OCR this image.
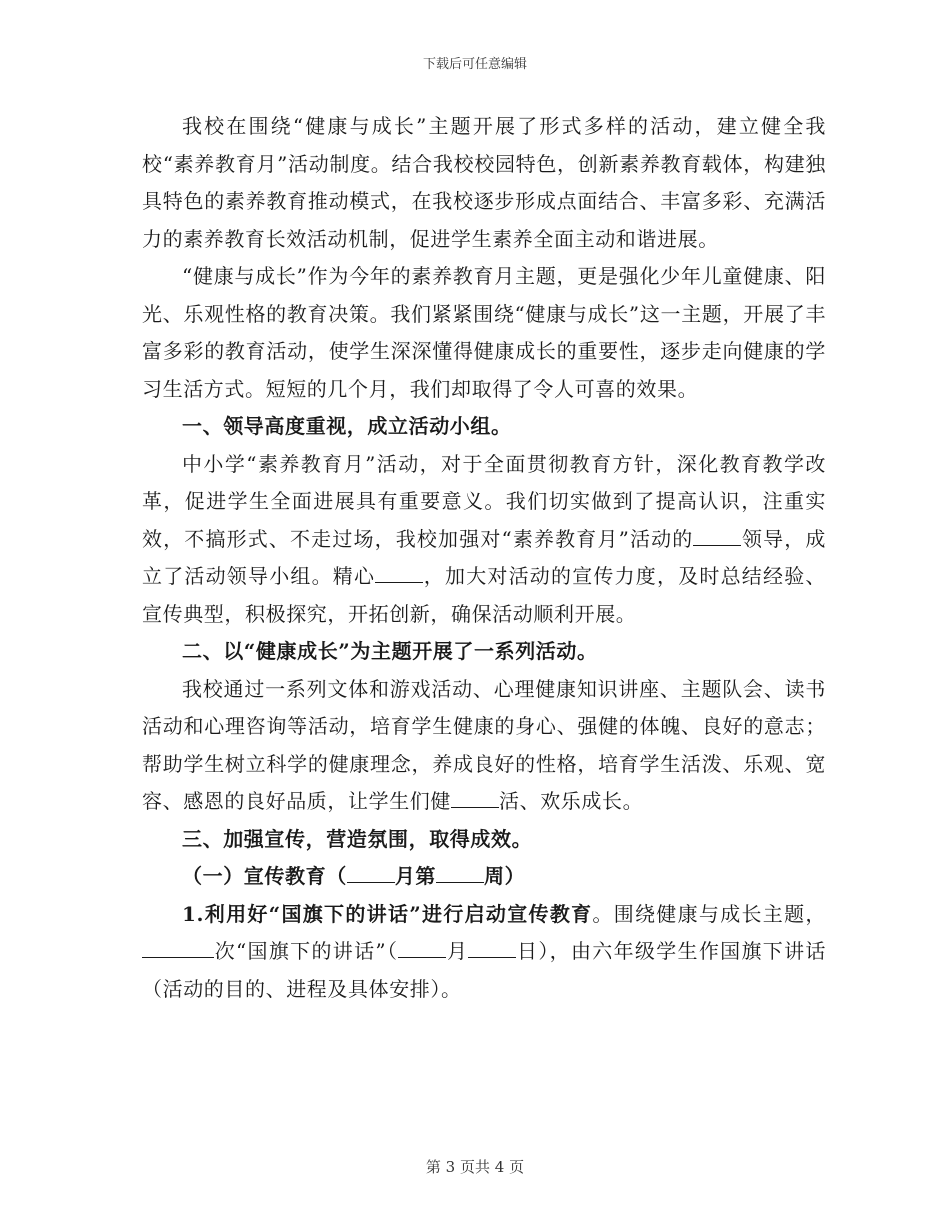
下载后可任意编辑

我校在围绕“健康与成长”主题开展了形式多样的活动，建立健全我校“素养教育月”活动制度。结合我校校园特色，创新素养教育载体，构建独具特色的素养教育推动模式，在我校逐步形成点面结合、丰富多彩、充满活力的素养教育长效活动机制，促进学生素养全面主动和谐进展。

“健康与成长”作为今年的素养教育月主题，更是强化少年儿童健康、阳光、乐观性格的教育决策。我们紧紧围绕“健康与成长”这一主题，开展了丰富多彩的教育活动，使学生深深懂得健康成长的重要性，逐步走向健康的学习生活方式。短短的几个月，我们却取得了令人可喜的效果。

一、领导高度重视，成立活动小组。

中小学“素养教育月”活动，对于全面贯彻教育方针，深化教育教学改革，促进学生全面进展具有重要意义。我们切实做到了提高认识，注重实效，不搞形式、不走过场，我校加强对“素养教育月”活动的 领导，成立了活动领导小组。精心 ，加大对活动的宣传力度，及时总结经验、宣传典型，积极探究，开拓创新，确保活动顺利开展。

二、以“健康成长”为主题开展了一系列活动。

我校通过一系列文体和游戏活动、心理健康知识讲座、主题队会、读书活动和心理咨询等活动，培育学生健康的身心、强健的体魄、良好的意志；帮助学生树立科学的健康理念，养成良好的性格，培育学生活泼、乐观、宽容、感恩的良好品质，让学生们健 活、欢乐成长。

三、加强宣传，营造氛围，取得成效。

（一）宣传教育（ 月第 周）

1.利用好“国旗下的讲话”进行启动宣传教育。围绕健康与成长主题，次“国旗下的讲话”（ 月 日），由六年级学生作国旗下讲话（活动的目的、进程及具体安排）。

第 3 页共 4 页
